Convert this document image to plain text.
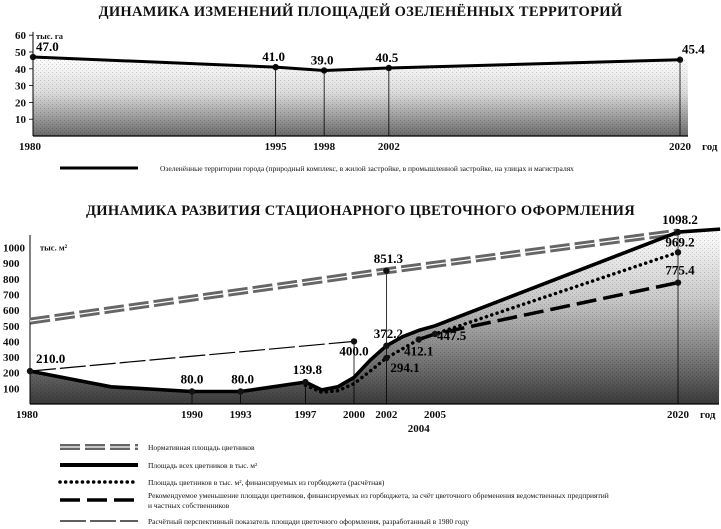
ДИНАМИКА ИЗМЕНЕНИЙ ПЛОЩАДЕЙ ОЗЕЛЕНЁННЫХ ТЕРРИТОРИЙ
ДИНАМИКА РАЗВИТИЯ СТАЦИОНАРНОГО ЦВЕТОЧНОГО ОФОРМЛЕНИЯ
10
20
30
40
50
60 тыс. га
47.0
1980
41.0
1995
39.0
1998
40.5
2002
45.4
2020 год
Озеленённые территории города (природный комплекс, в жилой застройке, в промышленной застройке, на улицах и магистралях
100
200
300
400
500
600
700
800
900
1000 тыс. м²
210.0
80.0 80.0
139.8
400.0
372.2
294.1
412.1
447.5
851.3
1098.2
969.2
775.4
1980	1990 1993	1997 2000 2002
2004
2005	2020 год
Нормативная площадь цветников
Площадь всех цветников в тыс. м²
Площадь цветников в тыс. м², финансируемых из горбюджета (расчётная)
Рекомендуемое уменьшение площади цветников, финансируемых из горбюджета, за счёт цветочного обременения ведомственных предприятий
и частных собственников
Расчётный перспективный показатель площади цветочного оформления, разработанный в 1980 году
